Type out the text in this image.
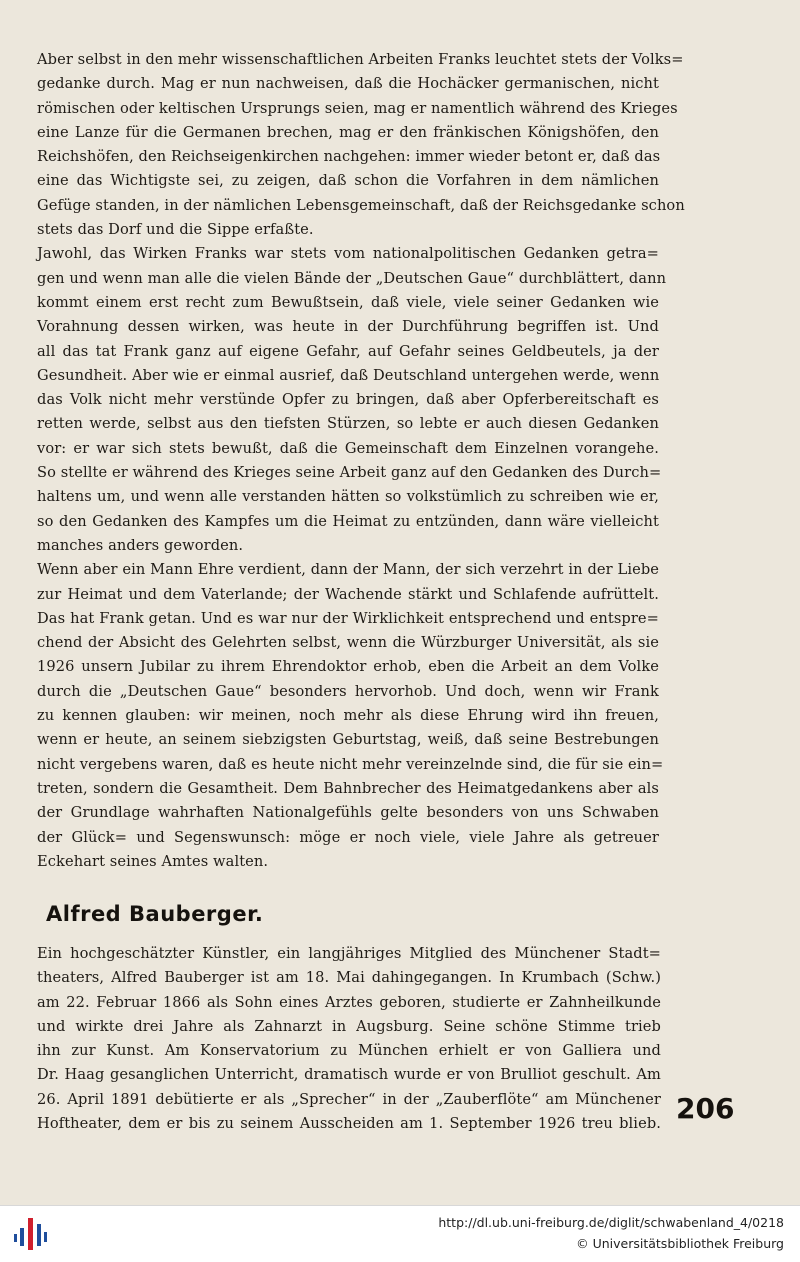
Aber selbst in den mehr wissenschaftlichen Arbeiten Franks leuchtet stets der Volks=
gedanke durch. Mag er nun nachweisen, daß die Hochäcker germanischen, nicht
römischen oder keltischen Ursprungs seien, mag er namentlich während des Krieges
eine Lanze für die Germanen brechen, mag er den fränkischen Königshöfen, den
Reichshöfen, den Reichseigenkirchen nachgehen: immer wieder betont er, daß das
eine das Wichtigste sei, zu zeigen, daß schon die Vorfahren in dem nämlichen
Gefüge standen, in der nämlichen Lebensgemeinschaft, daß der Reichsgedanke schon
stets das Dorf und die Sippe erfaßte.
Jawohl, das Wirken Franks war stets vom nationalpolitischen Gedanken getra=
gen und wenn man alle die vielen Bände der „Deutschen Gaue“ durchblättert, dann
kommt einem erst recht zum Bewußtsein, daß viele, viele seiner Gedanken wie
Vorahnung dessen wirken, was heute in der Durchführung begriffen ist. Und
all das tat Frank ganz auf eigene Gefahr, auf Gefahr seines Geldbeutels, ja der
Gesundheit. Aber wie er einmal ausrief, daß Deutschland untergehen werde, wenn
das Volk nicht mehr verstünde Opfer zu bringen, daß aber Opferbereitschaft es
retten werde, selbst aus den tiefsten Stürzen, so lebte er auch diesen Gedanken
vor: er war sich stets bewußt, daß die Gemeinschaft dem Einzelnen vorangehe.
So stellte er während des Krieges seine Arbeit ganz auf den Gedanken des Durch=
haltens um, und wenn alle verstanden hätten so volkstümlich zu schreiben wie er,
so den Gedanken des Kampfes um die Heimat zu entzünden, dann wäre vielleicht
manches anders geworden.
Wenn aber ein Mann Ehre verdient, dann der Mann, der sich verzehrt in der Liebe
zur Heimat und dem Vaterlande; der Wachende stärkt und Schlafende aufrüttelt.
Das hat Frank getan. Und es war nur der Wirklichkeit entsprechend und entspre=
chend der Absicht des Gelehrten selbst, wenn die Würzburger Universität, als sie
1926 unsern Jubilar zu ihrem Ehrendoktor erhob, eben die Arbeit an dem Volke
durch die „Deutschen Gaue“ besonders hervorhob. Und doch, wenn wir Frank
zu kennen glauben: wir meinen, noch mehr als diese Ehrung wird ihn freuen,
wenn er heute, an seinem siebzigsten Geburtstag, weiß, daß seine Bestrebungen
nicht vergebens waren, daß es heute nicht mehr vereinzelnde sind, die für sie ein=
treten, sondern die Gesamtheit. Dem Bahnbrecher des Heimatgedankens aber als
der Grundlage wahrhaften Nationalgefühls gelte besonders von uns Schwaben
der Glück= und Segenswunsch: möge er noch viele, viele Jahre als getreuer
Eckehart seines Amtes walten.
Alfred Bauberger.
Ein hochgeschätzter Künstler, ein langjähriges Mitglied des Münchener Stadt=
theaters, Alfred Bauberger ist am 18. Mai dahingegangen. In Krumbach (Schw.)
am 22. Februar 1866 als Sohn eines Arztes geboren, studierte er Zahnheilkunde
und wirkte drei Jahre als Zahnarzt in Augsburg. Seine schöne Stimme trieb
ihn zur Kunst. Am Konservatorium zu München erhielt er von Galliera und
Dr. Haag gesanglichen Unterricht, dramatisch wurde er von Brulliot geschult. Am
26. April 1891 debütierte er als „Sprecher“ in der „Zauberflöte“ am Münchener
Hoftheater, dem er bis zu seinem Ausscheiden am 1. September 1926 treu blieb. 206
http://dl.ub.uni-freiburg.de/diglit/schwabenland_4/0218
© Universitätsbibliothek Freiburg
